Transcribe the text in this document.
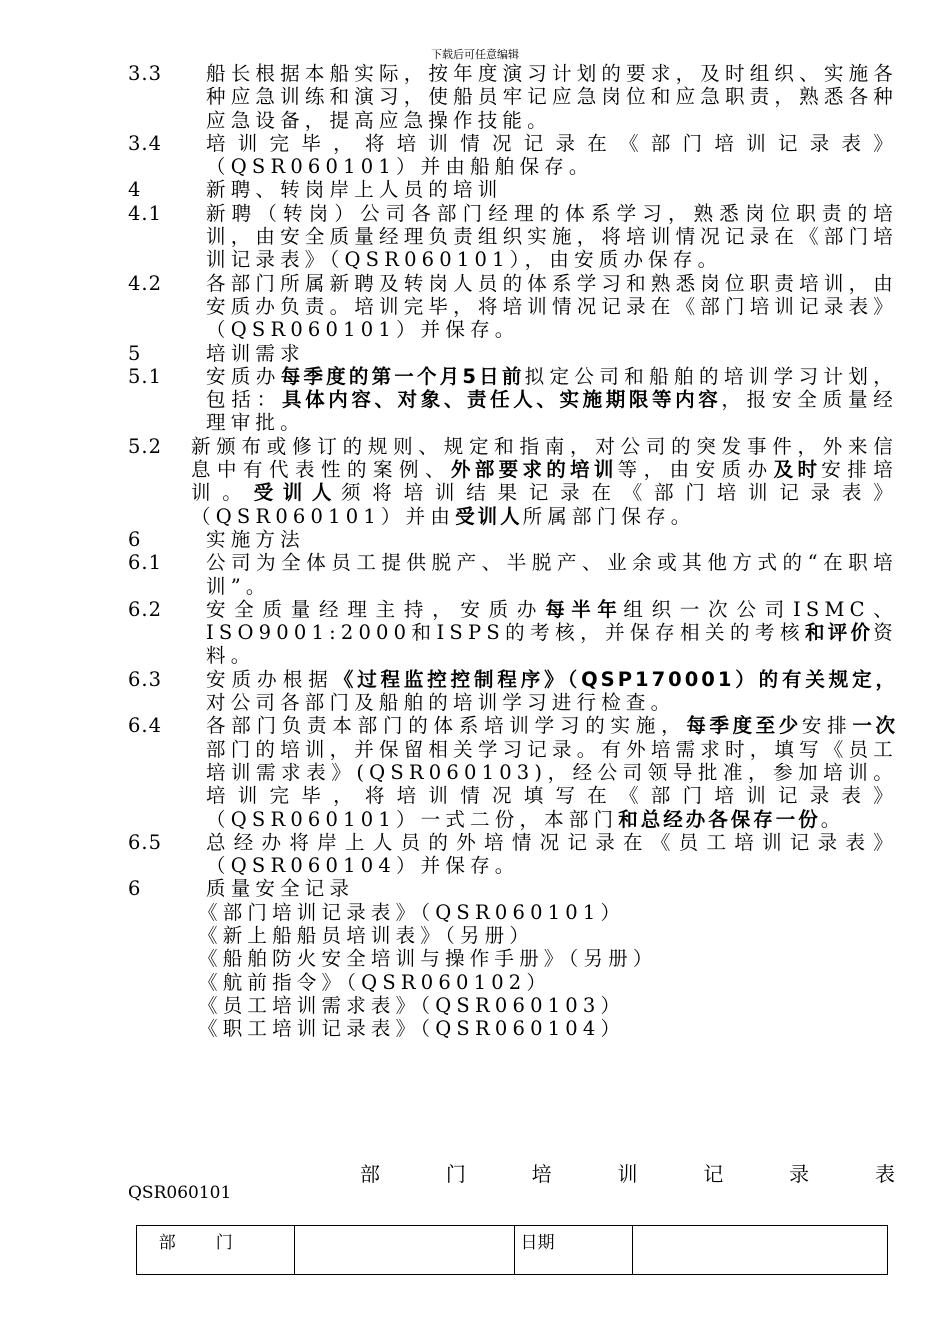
下载后可任意编辑
3.3	船长根据本船实际，按年度演习计划的要求，及时组织、实施各种应急训练和演习，使船员牢记应急岗位和应急职责，熟悉各种应急设备，提高应急操作技能。
3.4	培训完毕，将培训情况记录在《部门培训记录表》（QSR060101）并由船舶保存。
4	新聘、转岗岸上人员的培训
4.1	新聘（转岗）公司各部门经理的体系学习，熟悉岗位职责的培训，由安全质量经理负责组织实施，将培训情况记录在《部门培训记录表》（QSR060101），由安质办保存。
4.2	各部门所属新聘及转岗人员的体系学习和熟悉岗位职责培训，由安质办负责。培训完毕，将培训情况记录在《部门培训记录表》（QSR060101）并保存。
5	培训需求
5.1	安质办每季度的第一个月5日前拟定公司和船舶的培训学习计划，包括：具体内容、对象、责任人、实施期限等内容，报安全质量经理审批。
5.2	新颁布或修订的规则、规定和指南，对公司的突发事件，外来信息中有代表性的案例、外部要求的培训等，由安质办及时安排培训。受训人须将培训结果记录在《部门培训记录表》（QSR060101）并由受训人所属部门保存。
6	实施方法
6.1	公司为全体员工提供脱产、半脱产、业余或其他方式的“在职培训”。
6.2	安全质量经理主持，安质办每半年组织一次公司ISMC、ISO9001:2000和ISPS的考核，并保存相关的考核和评价资料。
6.3	安质办根据《过程监控控制程序》（QSP170001）的有关规定，对公司各部门及船舶的培训学习进行检查。
6.4	各部门负责本部门的体系培训学习的实施，每季度至少安排一次部门的培训，并保留相关学习记录。有外培需求时，填写《员工培训需求表》(QSR060103)，经公司领导批准，参加培训。培训完毕，将培训情况填写在《部门培训记录表》（QSR060101）一式二份，本部门和总经办各保存一份。
6.5	总经办将岸上人员的外培情况记录在《员工培训记录表》（QSR060104）并保存。
6	质量安全记录
《部门培训记录表》（QSR060101）
《新上船船员培训表》（另册）
《船舶防火安全培训与操作手册》（另册）
《航前指令》（QSR060102）
《员工培训需求表》（QSR060103）
《职工培训记录表》（QSR060104）
部	门	培	训	记	录	表
QSR060101
部门		日期	
